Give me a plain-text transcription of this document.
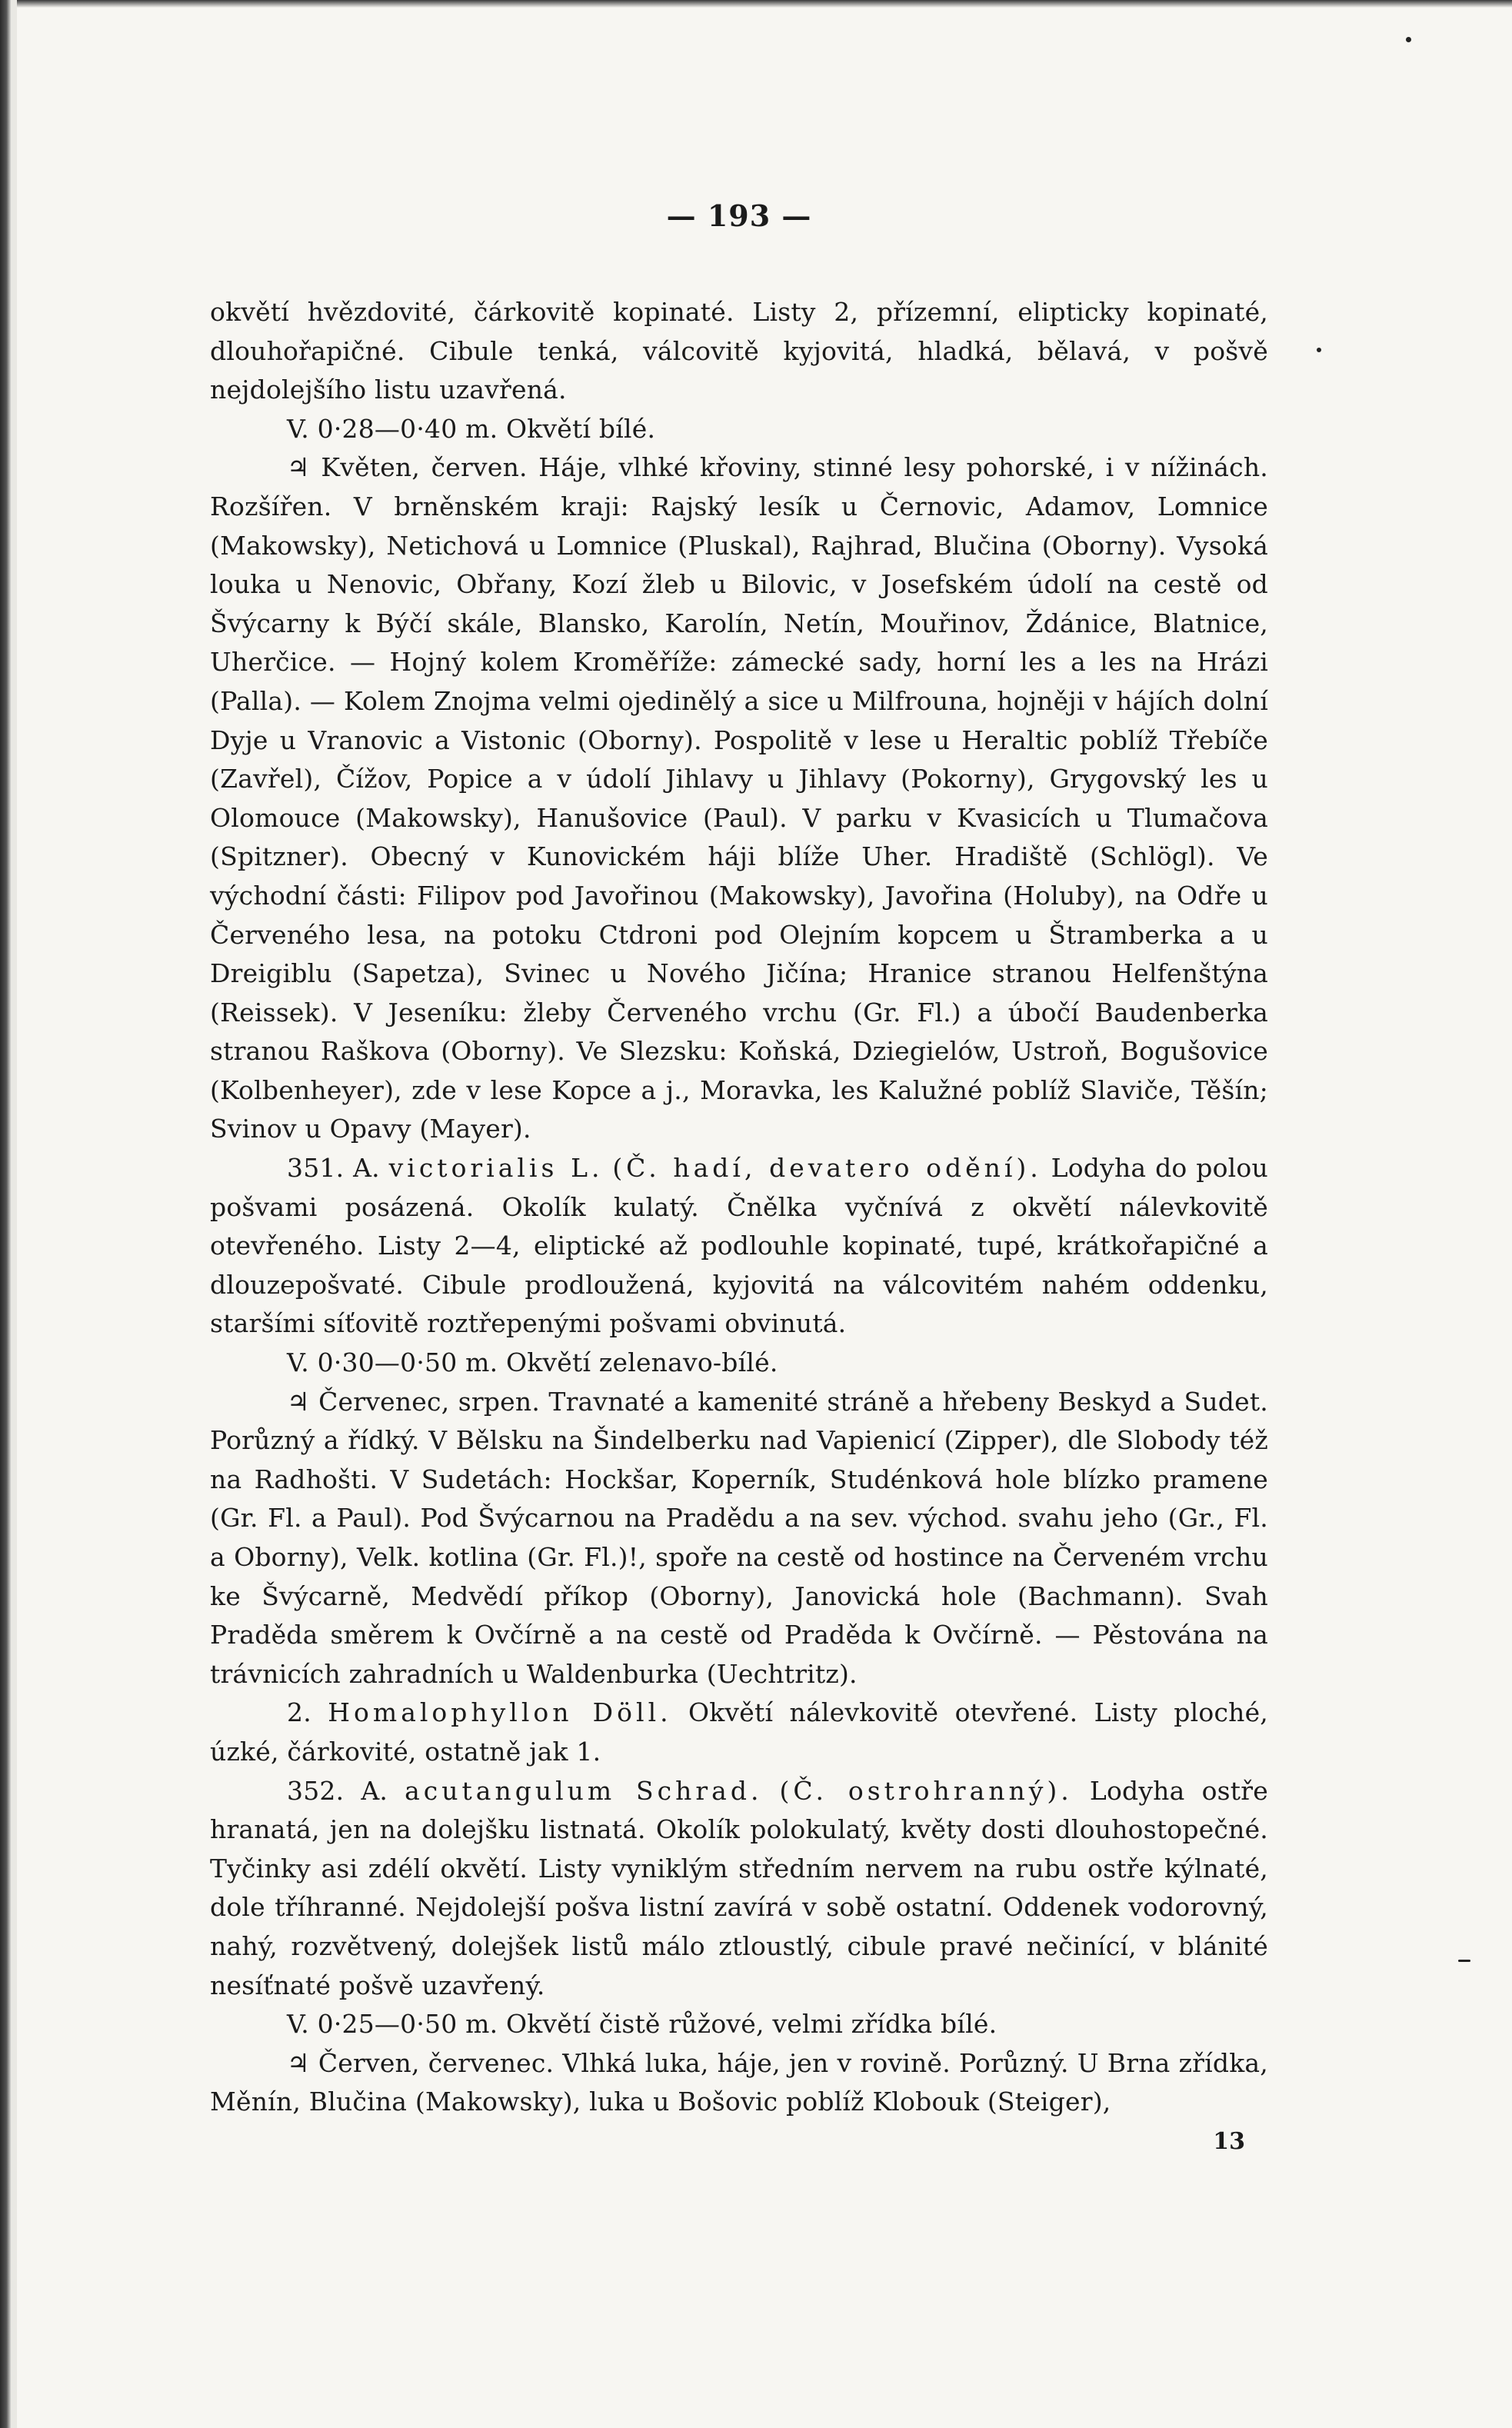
— 193 —

okvětí hvězdovité, čárkovitě kopinaté. Listy 2, přízemní, elipticky kopinaté, dlouhořapičné. Cibule tenká, válcovitě kyjovitá, hladká, bělavá, v pošvě nejdolejšího listu uzavřená.

V. 0·28—0·40 m. Okvětí bílé.

♃ Květen, červen. Háje, vlhké křoviny, stinné lesy pohorské, i v nížinách. Rozšířen. V brněnském kraji: Rajský lesík u Černovic, Adamov, Lomnice (Makowsky), Netichová u Lomnice (Pluskal), Rajhrad, Blučina (Oborny). Vysoká louka u Nenovic, Obřany, Kozí žleb u Bilovic, v Josefském údolí na cestě od Švýcarny k Býčí skále, Blansko, Karolín, Netín, Mouřinov, Ždánice, Blatnice, Uherčice. — Hojný kolem Kroměříže: zámecké sady, horní les a les na Hrázi (Palla). — Kolem Znojma velmi ojedinělý a sice u Milfrouna, hojněji v hájích dolní Dyje u Vranovic a Vistonic (Oborny). Pospolitě v lese u Heraltic poblíž Třebíče (Zavřel), Čížov, Popice a v údolí Jihlavy u Jihlavy (Pokorny), Grygovský les u Olomouce (Makowsky), Hanušovice (Paul). V parku v Kvasicích u Tlumačova (Spitzner). Obecný v Kunovickém háji blíže Uher. Hradiště (Schlögl). Ve východní části: Filipov pod Javořinou (Makowsky), Javořina (Holuby), na Odře u Červeného lesa, na potoku Ctdroni pod Olejním kopcem u Štramberka a u Dreigiblu (Sapetza), Svinec u Nového Jičína; Hranice stranou Helfenštýna (Reissek). V Jeseníku: žleby Červeného vrchu (Gr. Fl.) a úbočí Baudenberka stranou Raškova (Oborny). Ve Slezsku: Koňská, Dziegielów, Ustroň, Bogušovice (Kolbenheyer), zde v lese Kopce a j., Moravka, les Kalužné poblíž Slaviče, Těšín; Svinov u Opavy (Mayer).

351. A. victorialis L. (Č. hadí, devatero odění). Lodyha do polou pošvami posázená. Okolík kulatý. Čnělka vyčnívá z okvětí nálevkovitě otevřeného. Listy 2—4, eliptické až podlouhle kopinaté, tupé, krátkořapičné a dlouzepošvaté. Cibule prodloužená, kyjovitá na válcovitém nahém oddenku, staršími síťovitě roztřepenými pošvami obvinutá.

V. 0·30—0·50 m. Okvětí zelenavo-bílé.

♃ Červenec, srpen. Travnaté a kamenité stráně a hřebeny Beskyd a Sudet. Porůzný a řídký. V Bělsku na Šindelberku nad Vapienicí (Zipper), dle Slobody též na Radhošti. V Sudetách: Hockšar, Koperník, Studénková hole blízko pramene (Gr. Fl. a Paul). Pod Švýcarnou na Pradědu a na sev. východ. svahu jeho (Gr., Fl. a Oborny), Velk. kotlina (Gr. Fl.)!, spoře na cestě od hostince na Červeném vrchu ke Švýcarně, Medvědí příkop (Oborny), Janovická hole (Bachmann). Svah Praděda směrem k Ovčírně a na cestě od Praděda k Ovčírně. — Pěstována na trávnicích zahradních u Waldenburka (Uechtritz).

2. Homalophyllon Döll. Okvětí nálevkovitě otevřené. Listy ploché, úzké, čárkovité, ostatně jak 1.

352. A. acutangulum Schrad. (Č. ostrohranný). Lodyha ostře hranatá, jen na dolejšku listnatá. Okolík polokulatý, květy dosti dlouhostopečné. Tyčinky asi zdélí okvětí. Listy vyniklým středním nervem na rubu ostře kýlnaté, dole tříhranné. Nejdolejší pošva listní zavírá v sobě ostatní. Oddenek vodorovný, nahý, rozvětvený, dolejšek listů málo ztloustlý, cibule pravé nečinící, v blánité nesíťnaté pošvě uzavřený.

V. 0·25—0·50 m. Okvětí čistě růžové, velmi zřídka bílé.

♃ Červen, červenec. Vlhká luka, háje, jen v rovině. Porůzný. U Brna zřídka, Měnín, Blučina (Makowsky), luka u Bošovic poblíž Klobouk (Steiger),

13
